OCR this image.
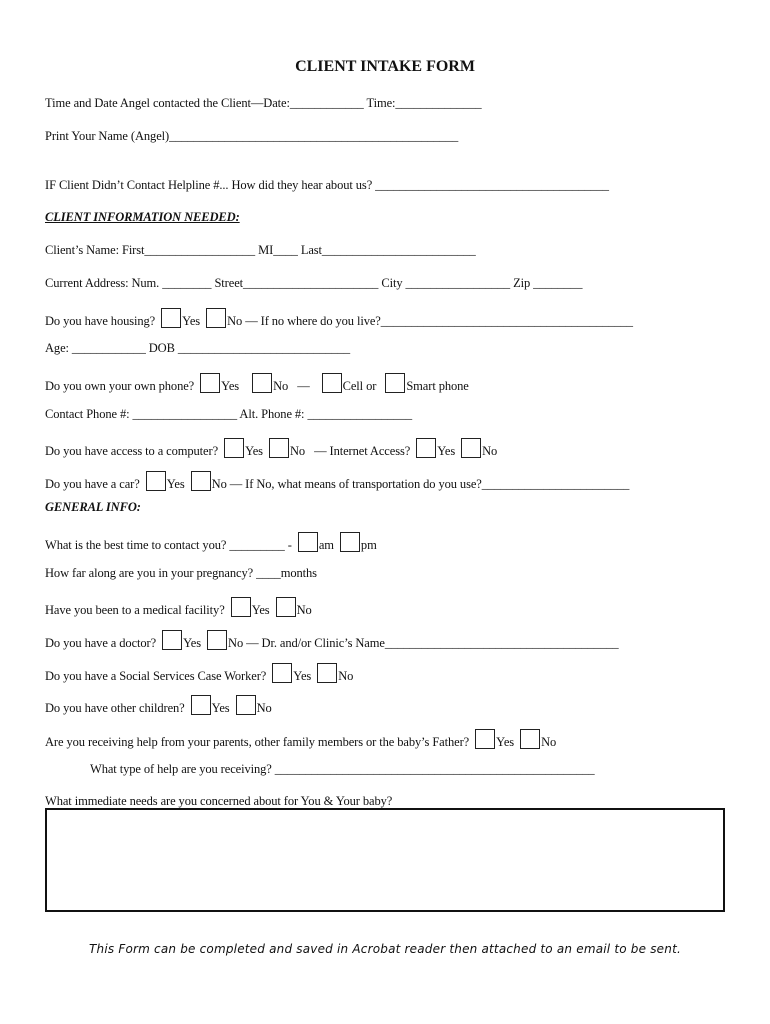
CLIENT INTAKE FORM
Time and Date Angel contacted the Client—Date:____________ Time:______________
Print Your Name (Angel)_______________________________________________
IF Client Didn’t Contact Helpline #... How did they hear about us? ______________________________________
CLIENT INFORMATION NEEDED:
Client’s Name: First__________________ MI____ Last_________________________
Current Address: Num. ________ Street______________________ City _________________ Zip ________
Do you have housing? Yes No — If no where do you live?_________________________________________
Age: ____________ DOB ____________________________
Do you own your own phone? Yes	No —	Cell or Smart phone
Contact Phone #: _________________ Alt. Phone #: _________________
Do you have access to a computer? Yes No — Internet Access? Yes No
Do you have a car? Yes No — If No, what means of transportation do you use?________________________
GENERAL INFO:
What is the best time to contact you? _________ - am pm
How far along are you in your pregnancy? ____months
Have you been to a medical facility? Yes No
Do you have a doctor? Yes No — Dr. and/or Clinic’s Name______________________________________
Do you have a Social Services Case Worker? Yes No
Do you have other children? Yes No
Are you receiving help from your parents, other family members or the baby’s Father? Yes No
What type of help are you receiving? ____________________________________________________
What immediate needs are you concerned about for You & Your baby?
This Form can be completed and saved in Acrobat reader then attached to an email to be sent.
